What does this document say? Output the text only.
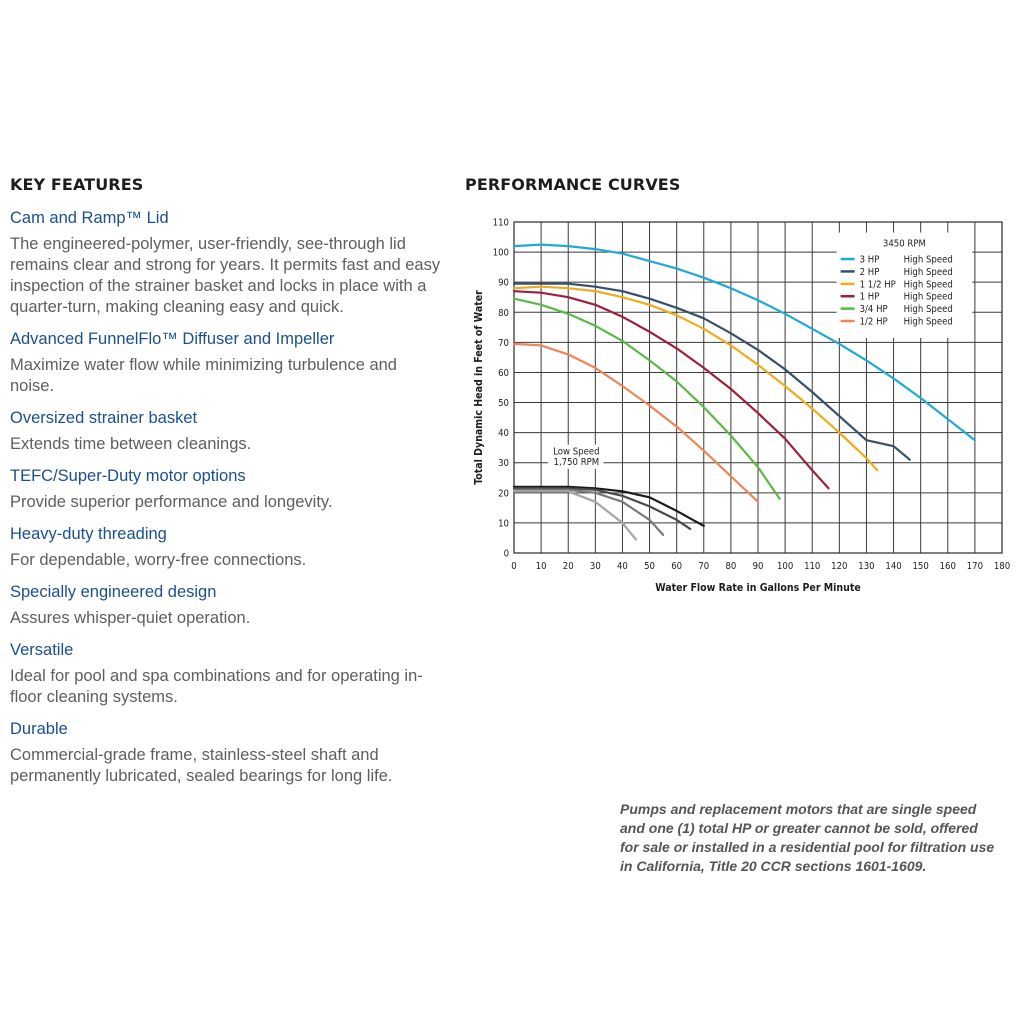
KEY FEATURES

Cam and Ramp™ Lid

The engineered-polymer, user-friendly, see-through lid remains clear and strong for years. It permits fast and easy inspection of the strainer basket and locks in place with a quarter-turn, making cleaning easy and quick.

Advanced FunnelFlo™ Diffuser and Impeller

Maximize water flow while minimizing turbulence and noise.

Oversized strainer basket

Extends time between cleanings.

TEFC/Super-Duty motor options

Provide superior performance and longevity.

Heavy-duty threading

For dependable, worry-free connections.

Specially engineered design

Assures whisper-quiet operation.

Versatile

Ideal for pool and spa combinations and for operating in-floor cleaning systems.

Durable

Commercial-grade frame, stainless-steel shaft and permanently lubricated, sealed bearings for long life.

PERFORMANCE CURVES
0 10 20 30 40 50 60 70 80 90 100 110 120 130 140 150 160 170 180
0
10
20
30
40
50
60
70
80
90
100
110
Water Flow Rate in Gallons Per Minute
Total Dynamic Head in Feet of Water	Low Speed
1,750 RPM
3450 RPM
3 HP	High Speed
2 HP	High Speed
1 1/2 HP High Speed
1 HP	High Speed
3/4 HP High Speed
1/2 HP High Speed

Pumps and replacement motors that are single speed and one (1) total HP or greater cannot be sold, offered for sale or installed in a residential pool for filtration use in California, Title 20 CCR sections 1601-1609.
